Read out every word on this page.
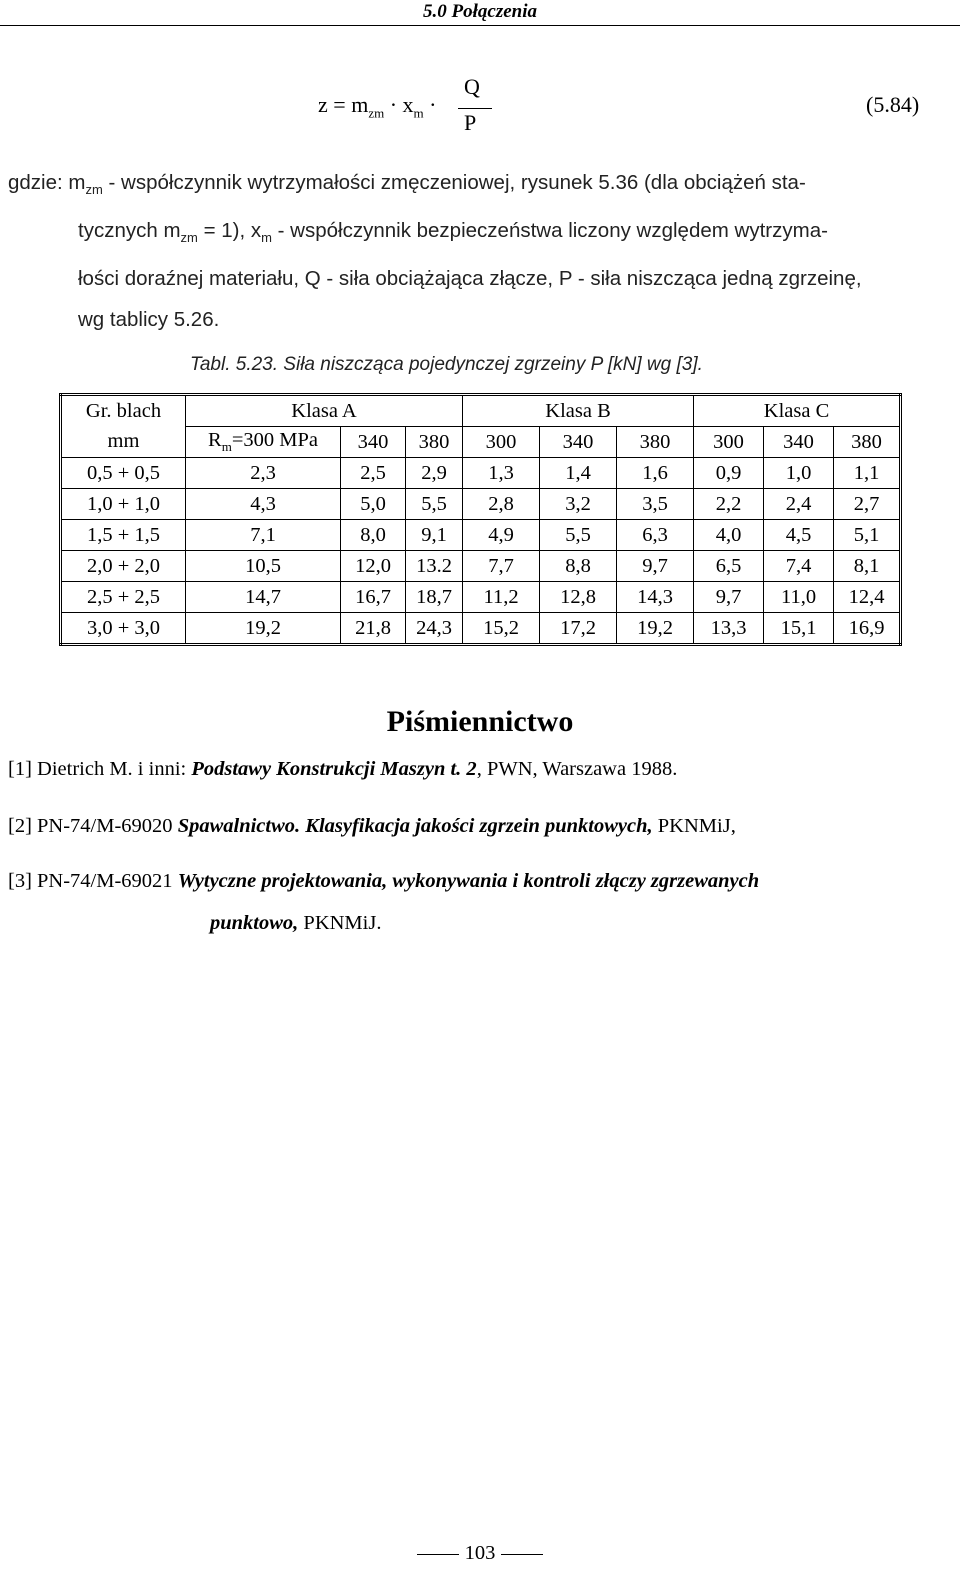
5.0 Połączenia
$z = m_{zm} \cdot x_m$ ·
Q
P
(5.84)
gdzie: $m_{zm}$ - współczynnik wytrzymałości zmęczeniowej, rysunek 5.36 (dla obciążeń sta-
tycznych $m_{zm} = 1$), $x_m$ - współczynnik bezpieczeństwa liczony względem wytrzyma-
łości doraźnej materiału, Q - siła obciążająca złącze, P - siła niszcząca jedną zgrzeinę,
wg tablicy 5.26.
Tabl. 5.23. Siła niszcząca pojedynczej zgrzeiny P [kN] wg [3].
Gr. blach	Klasa A			Klasa B			Klasa C		
mm	$R_m=300$ MPa	340	380	300	340	380	300	340	380
0,5 + 0,5	2,3	2,5	2,9	1,3	1,4	1,6	0,9	1,0	1,1
1,0 + 1,0	4,3	5,0	5,5	2,8	3,2	3,5	2,2	2,4	2,7
1,5 + 1,5	7,1	8,0	9,1	4,9	5,5	6,3	4,0	4,5	5,1
2,0 + 2,0	10,5	12,0	13.2	7,7	8,8	9,7	6,5	7,4	8,1
2,5 + 2,5	14,7	16,7	18,7	11,2	12,8	14,3	9,7	11,0	12,4
3,0 + 3,0	19,2	21,8	24,3	15,2	17,2	19,2	13,3	15,1	16,9
Piśmiennictwo
[1] Dietrich M. i inni: Podstawy Konstrukcji Maszyn t. 2, PWN, Warszawa 1988.
[2] PN-74/M-69020 Spawalnictwo. Klasyfikacja jakości zgrzein punktowych, PKNMiJ,
[3] PN-74/M-69021 Wytyczne projektowania, wykonywania i kontroli złączy zgrzewanych
punktowo, PKNMiJ.
103
